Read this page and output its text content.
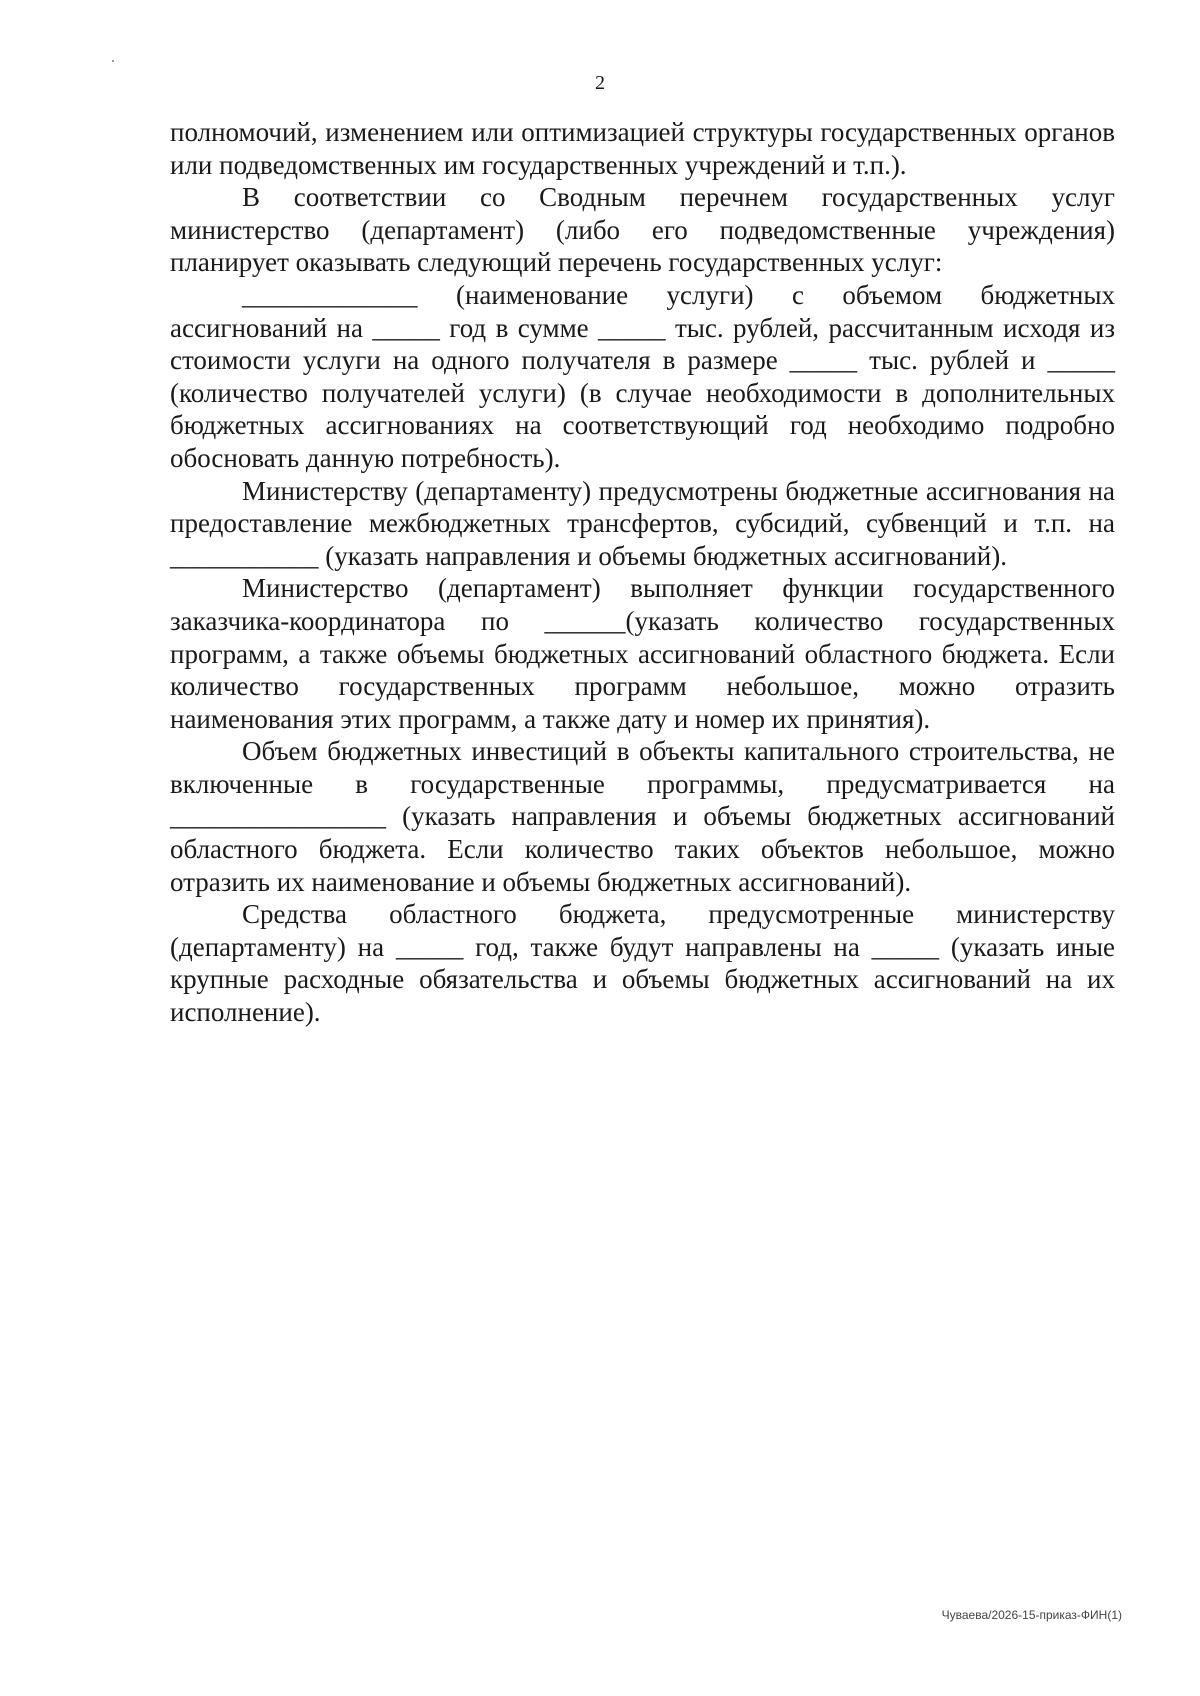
2

полномочий, изменением или оптимизацией структуры государственных органов или подведомственных им государственных учреждений и т.п.).

В соответствии со Сводным перечнем государственных услуг министерство (департамент) (либо его подведомственные учреждения) планирует оказывать следующий перечень государственных услуг:

_____________ (наименование услуги) с объемом бюджетных ассигнований на _____ год в сумме _____ тыс. рублей, рассчитанным исходя из стоимости услуги на одного получателя в размере _____ тыс. рублей и _____ (количество получателей услуги) (в случае необходимости в дополнительных бюджетных ассигнованиях на соответствующий год необходимо подробно обосновать данную потребность).

Министерству (департаменту) предусмотрены бюджетные ассигнования на предоставление межбюджетных трансфертов, субсидий, субвенций и т.п. на ___________ (указать направления и объемы бюджетных ассигнований).

Министерство (департамент) выполняет функции государственного заказчика-координатора по ______(указать количество государственных программ, а также объемы бюджетных ассигнований областного бюджета. Если количество государственных программ небольшое, можно отразить наименования этих программ, а также дату и номер их принятия).

Объем бюджетных инвестиций в объекты капитального строительства, не включенные в государственные программы, предусматривается на ________________ (указать направления и объемы бюджетных ассигнований областного бюджета. Если количество таких объектов небольшое, можно отразить их наименование и объемы бюджетных ассигнований).

Средства областного бюджета, предусмотренные министерству (департаменту) на _____ год, также будут направлены на _____ (указать иные крупные расходные обязательства и объемы бюджетных ассигнований на их исполнение).

Чуваева/2026-15-приказ-ФИН(1)
